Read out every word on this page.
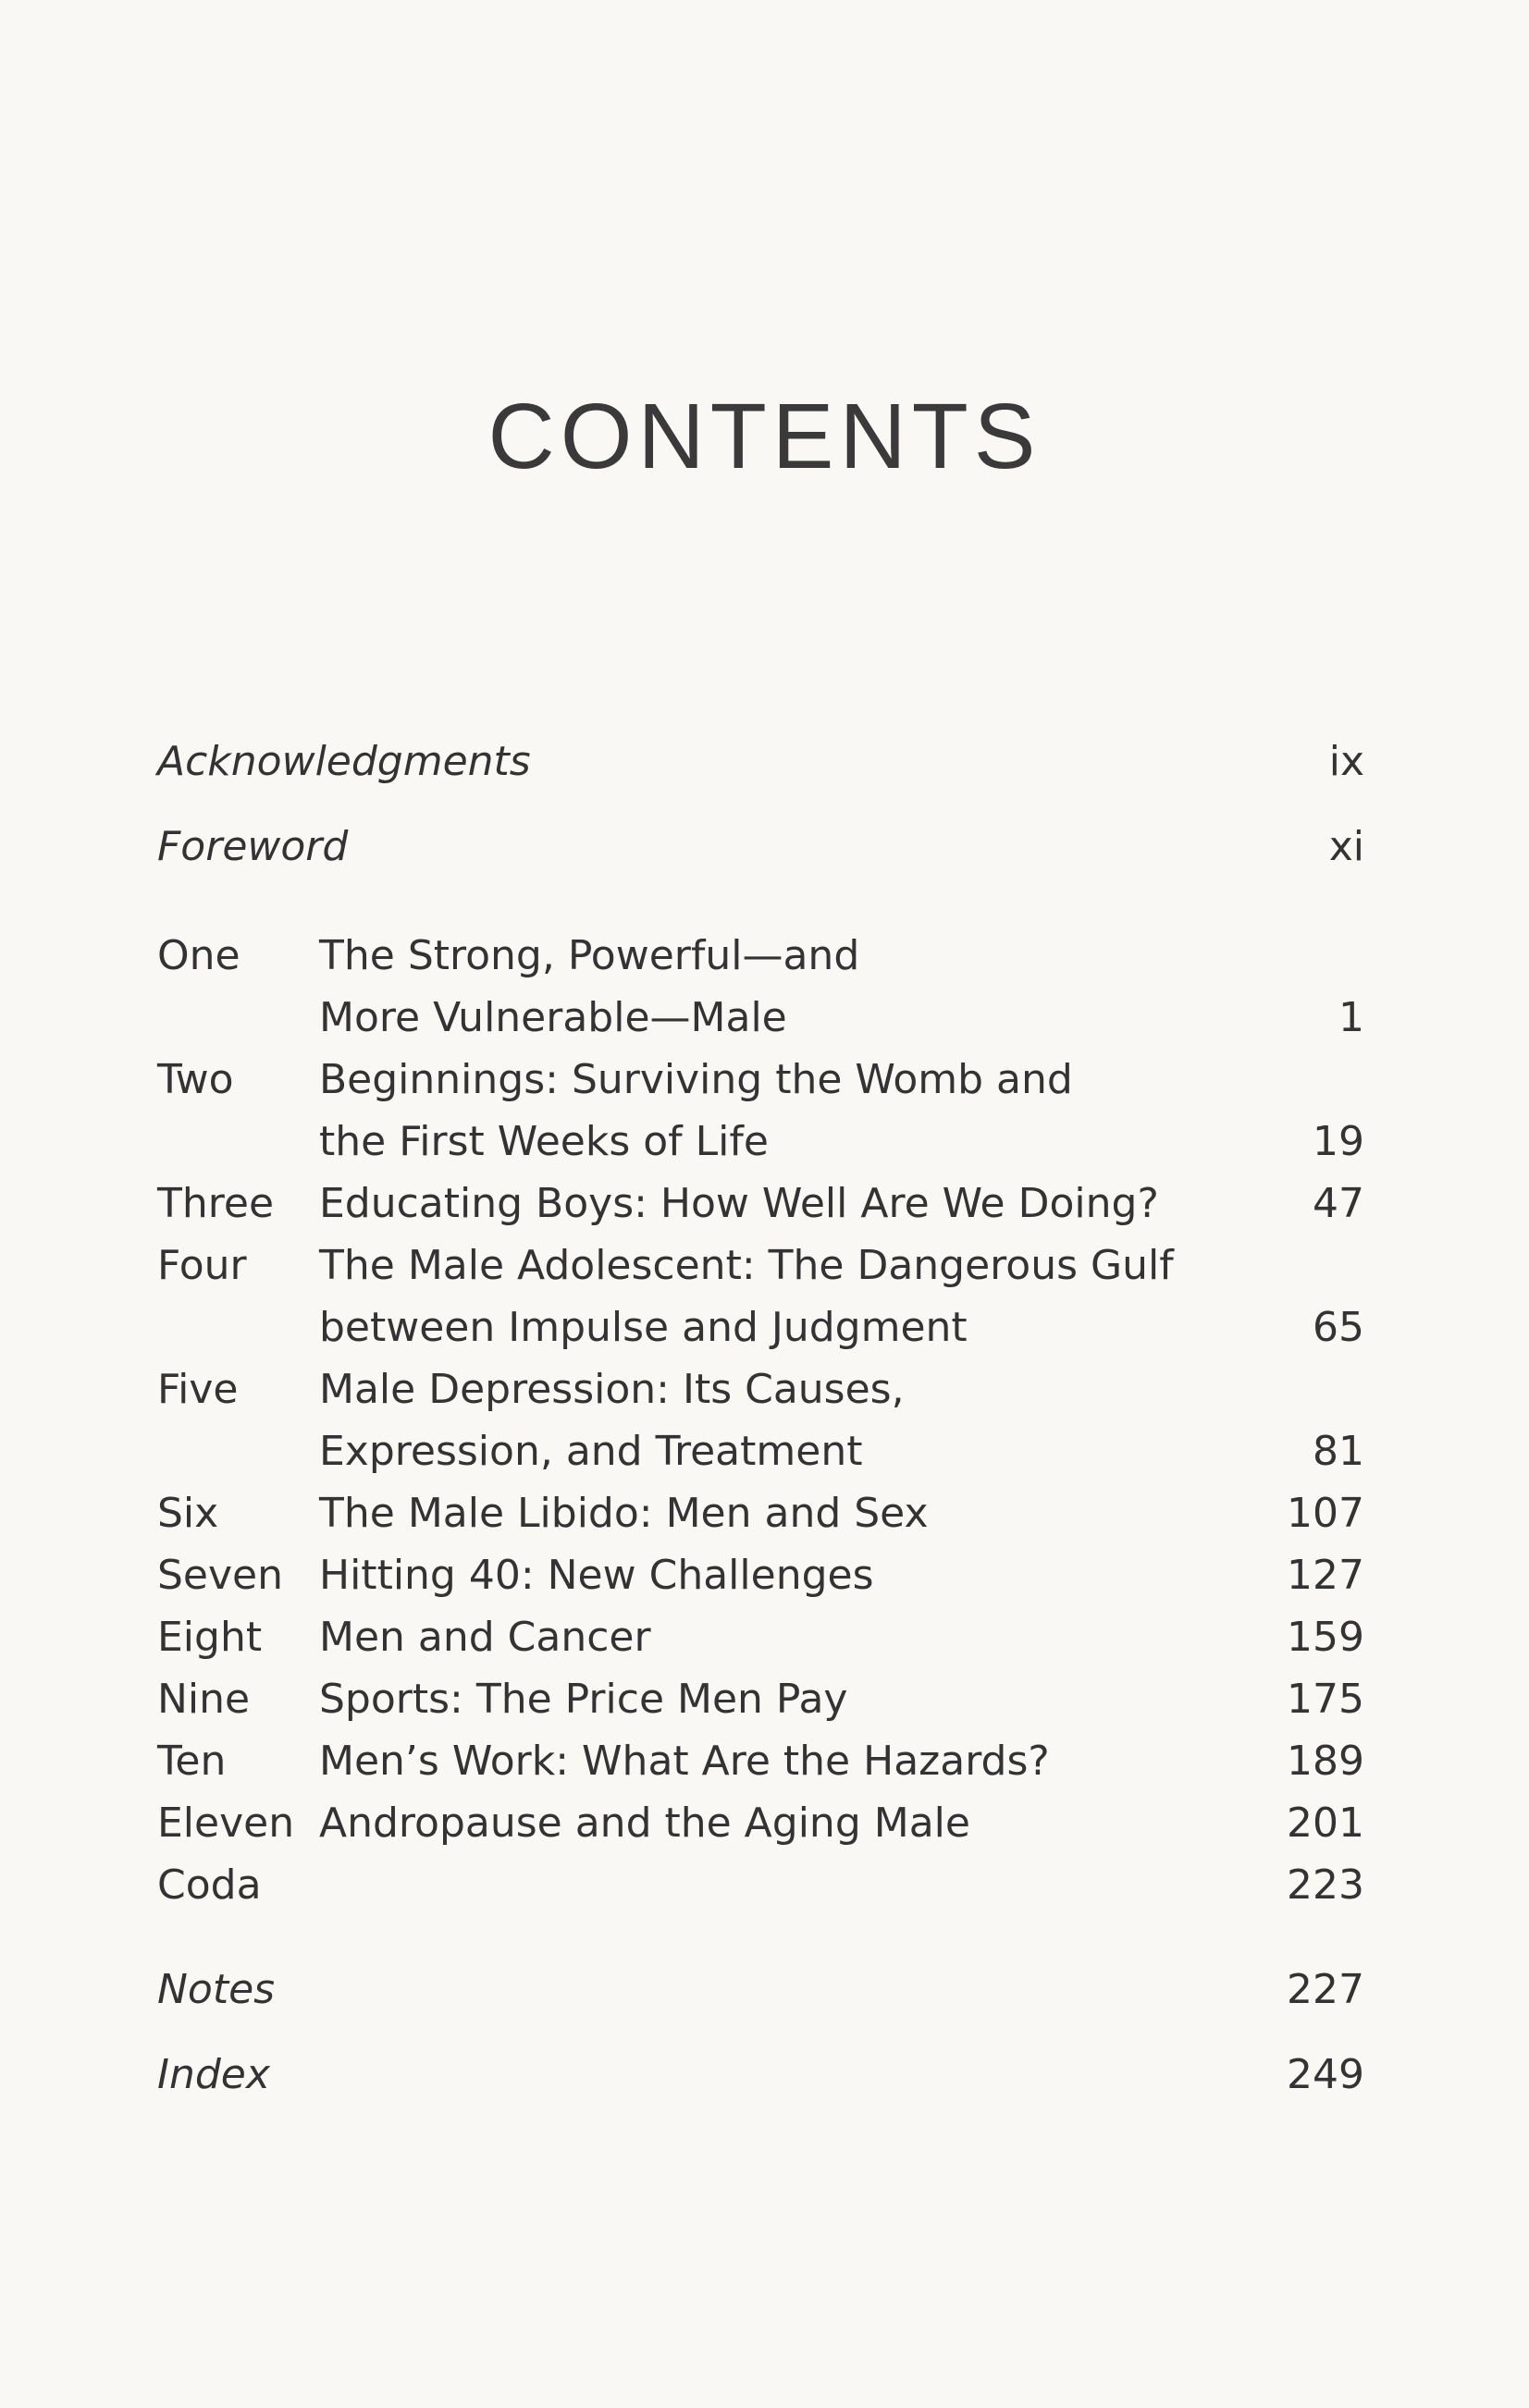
CONTENTS
Acknowledgments	ix
Foreword	xi
One The Strong, Powerful—and
More Vulnerable—Male	1
Two Beginnings: Surviving the Womb and
the First Weeks of Life	19
Three Educating Boys: How Well Are We Doing?	47
Four The Male Adolescent: The Dangerous Gulf
between Impulse and Judgment	65
Five Male Depression: Its Causes,
Expression, and Treatment	81
Six The Male Libido: Men and Sex	107
Seven Hitting 40: New Challenges	127
Eight Men and Cancer	159
Nine Sports: The Price Men Pay	175
Ten Men’s Work: What Are the Hazards?	189
Eleven Andropause and the Aging Male	201
Coda	223
Notes	227
Index	249
